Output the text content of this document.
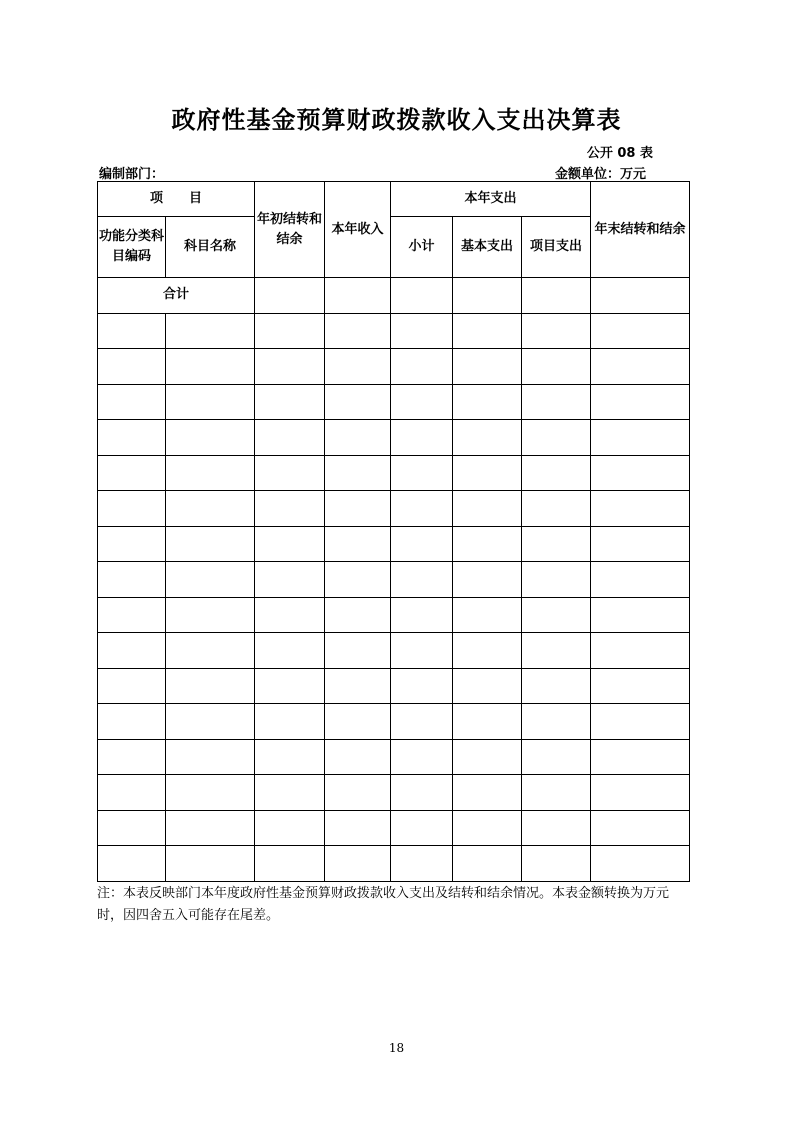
政府性基金预算财政拨款收入支出决算表
公开 08 表
编制部门：	金额单位：万元
项　　目		年初结转和结余	本年收入	本年支出			年末结转和结余
功能分类科目编码	科目名称			小计	基本支出	项目支出	
合计							

注：本表反映部门本年度政府性基金预算财政拨款收入支出及结转和结余情况。本表金额转换为万元时，因四舍五入可能存在尾差。
18
